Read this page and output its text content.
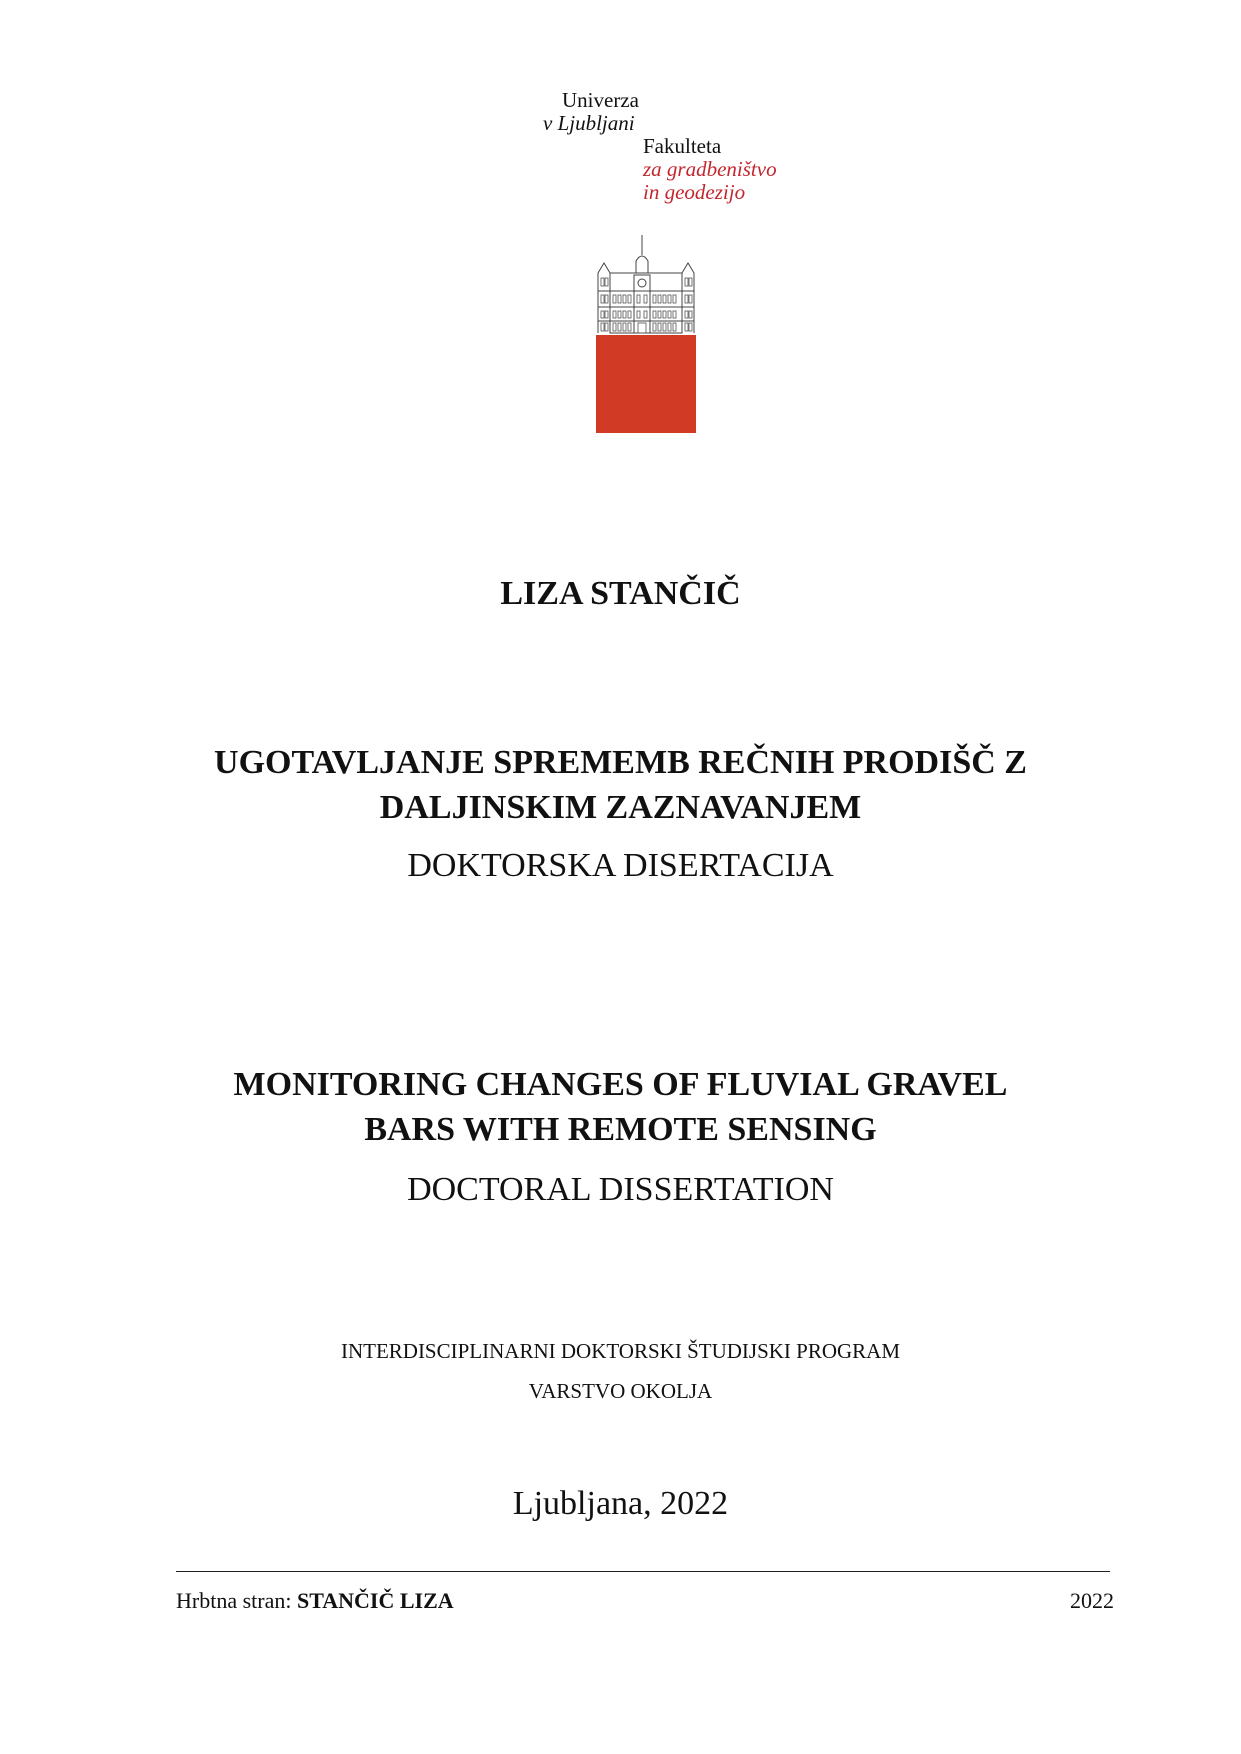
Univerza
v Ljubljani
Fakulteta
za gradbeništvo
in geodezijo
LIZA STANČIČ
UGOTAVLJANJE SPREMEMB REČNIH PRODIŠČ Z
DALJINSKIM ZAZNAVANJEM
DOKTORSKA DISERTACIJA
MONITORING CHANGES OF FLUVIAL GRAVEL
BARS WITH REMOTE SENSING
DOCTORAL DISSERTATION
INTERDISCIPLINARNI DOKTORSKI ŠTUDIJSKI PROGRAM
VARSTVO OKOLJA
Ljubljana, 2022
Hrbtna stran: STANČIČ LIZA	2022
